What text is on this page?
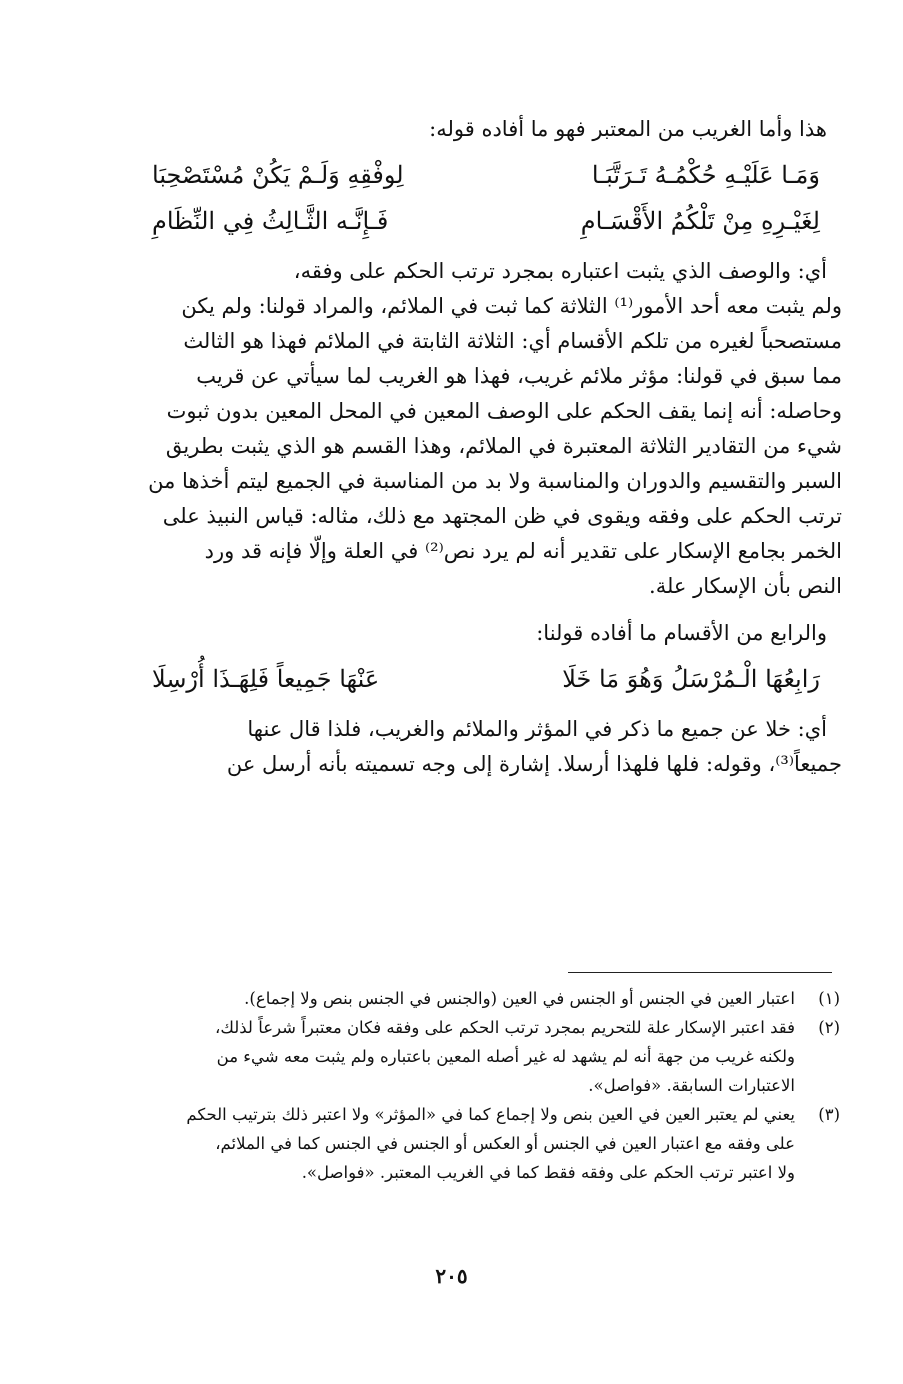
هذا وأما الغريب من المعتبر فهو ما أفاده قوله:

وَمَـا عَلَيْـهِ حُكْمُـهُ تَـرَتَّبَـا
لِوفْقِهِ وَلَـمْ يَكُنْ مُسْتَصْحِبَا
لِغَيْـرِهِ مِنْ تَلْكُمُ الأَقْسَـامِ
فَـإِنَّـه الثَّـالِثُ فِي النِّظَامِ

أي: والوصف الذي يثبت اعتباره بمجرد ترتب الحكم على وفقه،

ولم يثبت معه أحد الأمور⁽¹⁾ الثلاثة كما ثبت في الملائم، والمراد قولنا: ولم يكن

مستصحباً لغيره من تلكم الأقسام أي: الثلاثة الثابتة في الملائم فهذا هو الثالث

مما سبق في قولنا: مؤثر ملائم غريب، فهذا هو الغريب لما سيأتي عن قريب

وحاصله: أنه إنما يقف الحكم على الوصف المعين في المحل المعين بدون ثبوت

شيء من التقادير الثلاثة المعتبرة في الملائم، وهذا القسم هو الذي يثبت بطريق

السبر والتقسيم والدوران والمناسبة ولا بد من المناسبة في الجميع ليتم أخذها من

ترتب الحكم على وفقه ويقوى في ظن المجتهد مع ذلك، مثاله: قياس النبيذ على

الخمر بجامع الإسكار على تقدير أنه لم يرد نص⁽²⁾ في العلة وإلّا فإنه قد ورد

النص بأن الإسكار علة.

والرابع من الأقسام ما أفاده قولنا:

رَابِعُهَا الْـمُرْسَلُ وَهُوَ مَا خَلَا
عَنْهَا جَمِيعاً فَلِهَـذَا أُرْسِلَا

أي: خلا عن جميع ما ذكر في المؤثر والملائم والغريب، فلذا قال عنها

جميعاً⁽³⁾، وقوله: فلها فلهذا أرسلا. إشارة إلى وجه تسميته بأنه أرسل عن

(١)
اعتبار العين في الجنس أو الجنس في العين (والجنس في الجنس بنص ولا إجماع).
(٢)
فقد اعتبر الإسكار علة للتحريم بمجرد ترتب الحكم على وفقه فكان معتبراً شرعاً لذلك،
ولكنه غريب من جهة أنه لم يشهد له غير أصله المعين باعتباره ولم يثبت معه شيء من
الاعتبارات السابقة. «فواصل».
(٣)
يعني لم يعتبر العين في العين بنص ولا إجماع كما في «المؤثر» ولا اعتبر ذلك بترتيب الحكم
على وفقه مع اعتبار العين في الجنس أو العكس أو الجنس في الجنس كما في الملائم،
ولا اعتبر ترتب الحكم على وفقه فقط كما في الغريب المعتبر. «فواصل».
٢٠٥
